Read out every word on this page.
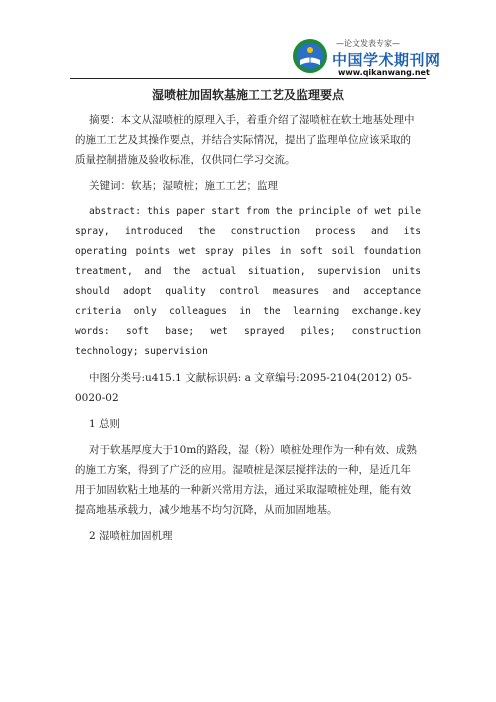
—论文发表专家—
中国学术期刊网
www.qikanwang.net
湿喷桩加固软基施工工艺及监理要点

摘要：本文从湿喷桩的原理入手，着重介绍了湿喷桩在软土地基处理中的施工工艺及其操作要点，并结合实际情况，提出了监理单位应该采取的质量控制措施及验收标准，仅供同仁学习交流。

关键词：软基；湿喷桩；施工工艺；监理

abstract: this paper start from the principle of wet pile spray, introduced the construction process and its operating points wet spray piles in soft soil foundation treatment, and the actual situation, supervision units should adopt quality control measures and acceptance criteria only colleagues in the learning exchange.key words: soft base; wet sprayed piles; construction technology; supervision

中图分类号:u415.1 文献标识码: a 文章编号:2095-2104(2012) 05-0020-02

1 总则

对于软基厚度大于10m的路段，湿（粉）喷桩处理作为一种有效、成熟的施工方案，得到了广泛的应用。湿喷桩是深层搅拌法的一种，是近几年用于加固软粘土地基的一种新兴常用方法，通过采取湿喷桩处理，能有效提高地基承载力，减少地基不均匀沉降，从而加固地基。

2 湿喷桩加固机理
